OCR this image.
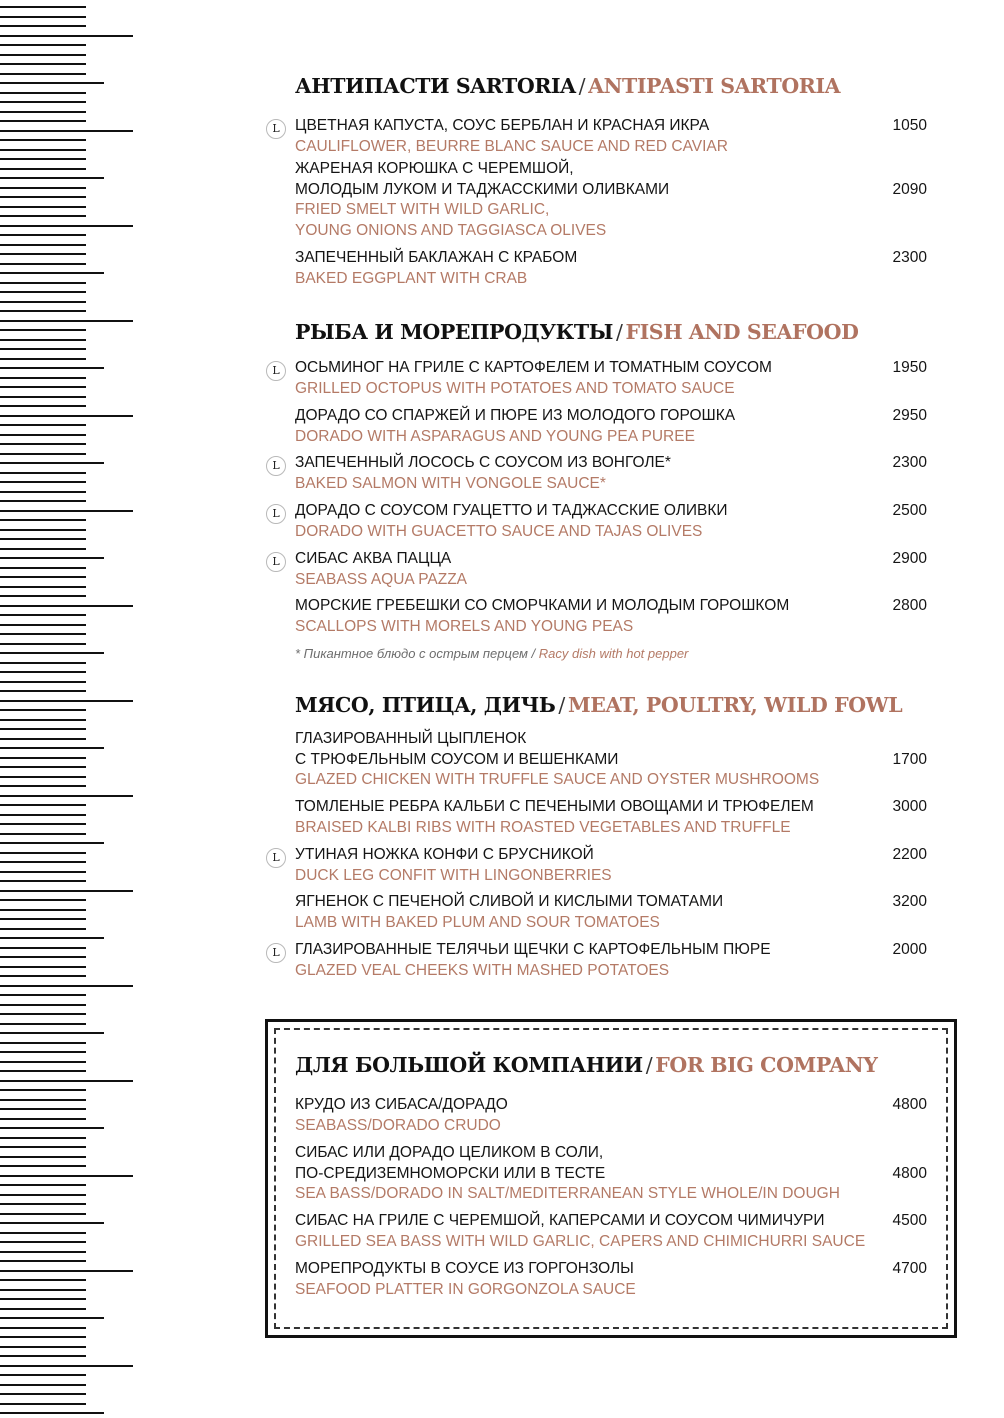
АНТИПАСТИ SARTORIA / ANTIPASTI SARTORIA
ЦВЕТНАЯ КАПУСТА, СОУС БЕРБЛАН И КРАСНАЯ ИКРА
CAULIFLOWER, BEURRE BLANC SAUCE AND RED CAVIAR
1050
L
ЖАРЕНАЯ КОРЮШКА С ЧЕРЕМШОЙ,
МОЛОДЫМ ЛУКОМ И ТАДЖАССКИМИ ОЛИВКАМИ
FRIED SMELT WITH WILD GARLIC,
YOUNG ONIONS AND TAGGIASCA OLIVES
2090
ЗАПЕЧЕННЫЙ БАКЛАЖАН С КРАБОМ
BAKED EGGPLANT WITH CRAB
2300
РЫБА И МОРЕПРОДУКТЫ / FISH AND SEAFOOD
ОСЬМИНОГ НА ГРИЛЕ С КАРТОФЕЛЕМ И ТОМАТНЫМ СОУСОМ
GRILLED OCTOPUS WITH POTATOES AND TOMATO SAUCE
1950
L
ДОРАДО СО СПАРЖЕЙ И ПЮРЕ ИЗ МОЛОДОГО ГОРОШКА
DORADO WITH ASPARAGUS AND YOUNG PEA PUREE
2950
ЗАПЕЧЕННЫЙ ЛОСОСЬ С СОУСОМ ИЗ ВОНГОЛЕ*
BAKED SALMON WITH VONGOLE SAUCE*
2300
L
ДОРАДО С СОУСОМ ГУАЦЕТТО И ТАДЖАССКИЕ ОЛИВКИ
DORADO WITH GUACETTO SAUCE AND TAJAS OLIVES
2500
L
СИБАС АКВА ПАЦЦА
SEABASS AQUA PAZZA
2900
L
МОРСКИЕ ГРЕБЕШКИ СО СМОРЧКАМИ И МОЛОДЫМ ГОРОШКОМ
SCALLOPS WITH MORELS AND YOUNG PEAS
2800
* Пикантное блюдо с острым перцем / Racy dish with hot pepper
МЯСО, ПТИЦА, ДИЧЬ / MEAT, POULTRY, WILD FOWL
ГЛАЗИРОВАННЫЙ ЦЫПЛЕНОК
С ТРЮФЕЛЬНЫМ СОУСОМ И ВЕШЕНКАМИ
GLAZED CHICKEN WITH TRUFFLE SAUCE AND OYSTER MUSHROOMS
1700
ТОМЛЕНЫЕ РЕБРА КАЛЬБИ С ПЕЧЕНЫМИ ОВОЩАМИ И ТРЮФЕЛЕМ
BRAISED KALBI RIBS WITH ROASTED VEGETABLES AND TRUFFLE
3000
УТИНАЯ НОЖКА КОНФИ С БРУСНИКОЙ
DUCK LEG CONFIT WITH LINGONBERRIES
2200
L
ЯГНЕНОК С ПЕЧЕНОЙ СЛИВОЙ И КИСЛЫМИ ТОМАТАМИ
LAMB WITH BAKED PLUM AND SOUR TOMATOES
3200
ГЛАЗИРОВАННЫЕ ТЕЛЯЧЬИ ЩЕЧКИ С КАРТОФЕЛЬНЫМ ПЮРЕ
GLAZED VEAL CHEEKS WITH MASHED POTATOES
2000
L
ДЛЯ БОЛЬШОЙ КОМПАНИИ / FOR BIG COMPANY
КРУДО ИЗ СИБАСА/ДОРАДО
SEABASS/DORADO CRUDO
4800
СИБАС ИЛИ ДОРАДО ЦЕЛИКОМ В СОЛИ,
ПО-СРЕДИЗЕМНОМОРСКИ ИЛИ В ТЕСТЕ
SEA BASS/DORADO IN SALT/MEDITERRANEAN STYLE WHOLE/IN DOUGH
4800
СИБАС НА ГРИЛЕ С ЧЕРЕМШОЙ, КАПЕРСАМИ И СОУСОМ ЧИМИЧУРИ
GRILLED SEA BASS WITH WILD GARLIC, CAPERS AND CHIMICHURRI SAUCE
4500
МОРЕПРОДУКТЫ В СОУСЕ ИЗ ГОРГОНЗОЛЫ
SEAFOOD PLATTER IN GORGONZOLA SAUCE
4700
